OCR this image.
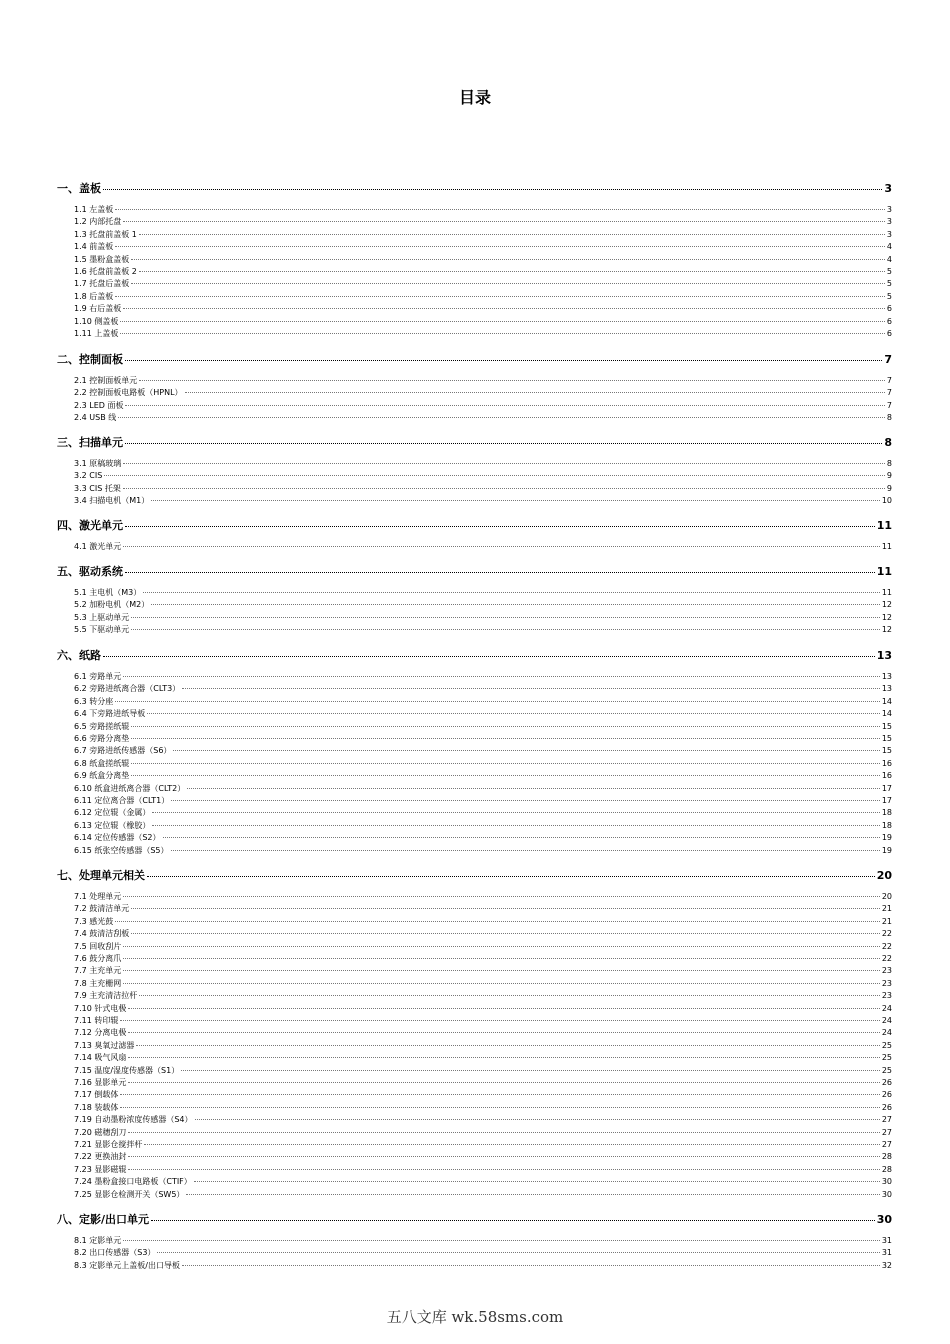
目录
一、盖板	3
1.1 左盖板	3
1.2 内部托盘	3
1.3 托盘前盖板 1	3
1.4 前盖板	4
1.5 墨粉盒盖板	4
1.6 托盘前盖板 2	5
1.7 托盘后盖板	5
1.8 后盖板	5
1.9 右后盖板	6
1.10 侧盖板	6
1.11 上盖板	6
二、控制面板	7
2.1 控制面板单元	7
2.2 控制面板电路板（HPNL）	7
2.3 LED 面板	7
2.4 USB 线	8
三、扫描单元	8
3.1 原稿玻璃	8
3.2 CIS	9
3.3 CIS 托架	9
3.4 扫描电机（M1）	10
四、激光单元	11
4.1 激光单元	11
五、驱动系统	11
5.1 主电机（M3）	11
5.2 加粉电机（M2）	12
5.3 上驱动单元	12
5.5 下驱动单元	12
六、纸路	13
6.1 旁路单元	13
6.2 旁路进纸离合器（CLT3）	13
6.3 转分座	14
6.4 下旁路进纸导板	14
6.5 旁路搓纸辊	15
6.6 旁路分离垫	15
6.7 旁路进纸传感器（S6）	15
6.8 纸盒搓纸辊	16
6.9 纸盒分离垫	16
6.10 纸盒进纸离合器（CLT2）	17
6.11 定位离合器（CLT1）	17
6.12 定位辊（金属）	18
6.13 定位辊（橡胶）	18
6.14 定位传感器（S2）	19
6.15 纸张空传感器（S5）	19
七、处理单元相关	20
7.1 处理单元	20
7.2 鼓清洁单元	21
7.3 感光鼓	21
7.4 鼓清洁刮板	22
7.5 回收刮片	22
7.6 鼓分离爪	22
7.7 主充单元	23
7.8 主充栅网	23
7.9 主充清洁拉杆	23
7.10 针式电极	24
7.11 转印辊	24
7.12 分离电极	24
7.13 臭氧过滤器	25
7.14 吸气风扇	25
7.15 温度/湿度传感器（S1）	25
7.16 显影单元	26
7.17 倒载体	26
7.18 装载体	26
7.19 自动墨粉浓度传感器（S4）	27
7.20 磁穗刮刀	27
7.21 显影仓搅拌杆	27
7.22 更换油封	28
7.23 显影磁辊	28
7.24 墨粉盒接口电路板（CTIF）	30
7.25 显影仓检测开关（SW5）	30
八、定影/出口单元	30
8.1 定影单元	31
8.2 出口传感器（S3）	31
8.3 定影单元上盖板/出口导板	32
五八文库 wk.58sms.com
